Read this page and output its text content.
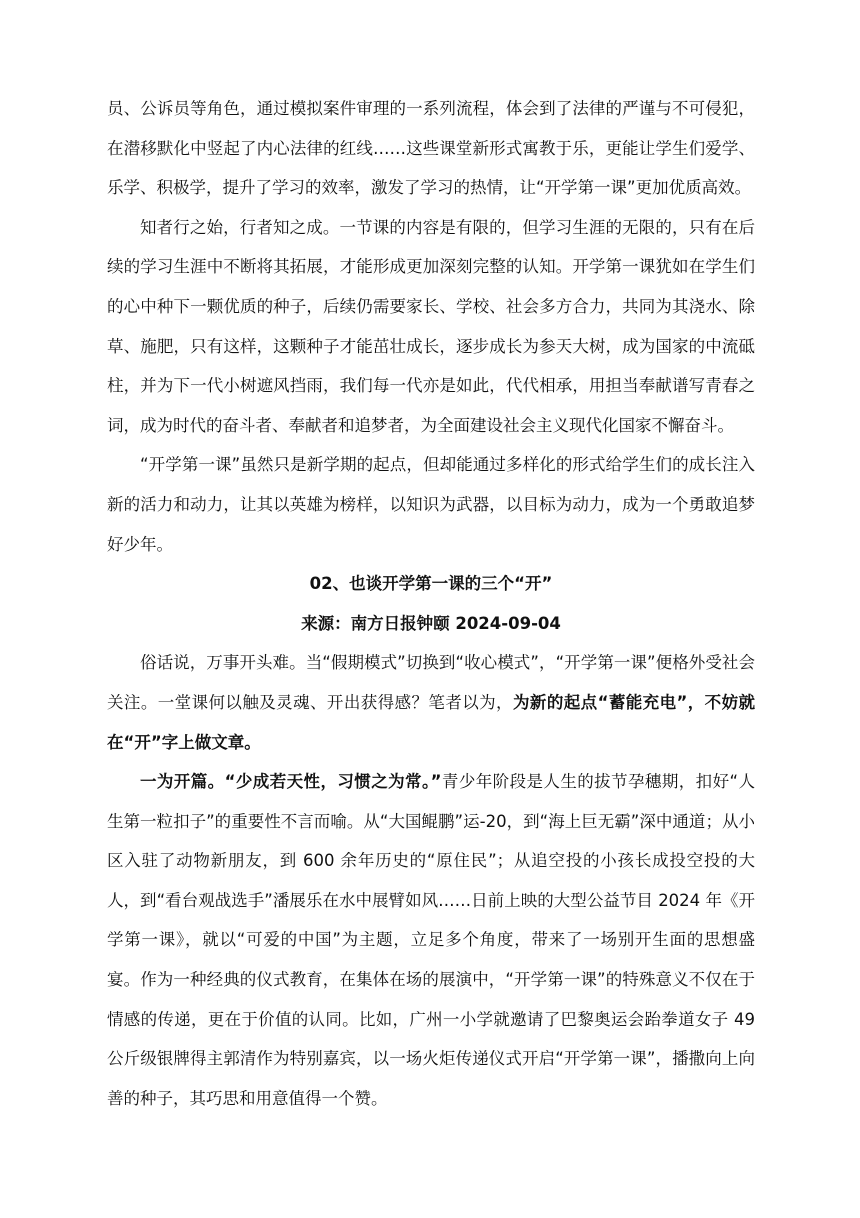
员、公诉员等角色，通过模拟案件审理的一系列流程，体会到了法律的严谨与不可侵犯，在潜移默化中竖起了内心法律的红线……这些课堂新形式寓教于乐，更能让学生们爱学、乐学、积极学，提升了学习的效率，激发了学习的热情，让“开学第一课”更加优质高效。

知者行之始，行者知之成。一节课的内容是有限的，但学习生涯的无限的，只有在后续的学习生涯中不断将其拓展，才能形成更加深刻完整的认知。开学第一课犹如在学生们的心中种下一颗优质的种子，后续仍需要家长、学校、社会多方合力，共同为其浇水、除草、施肥，只有这样，这颗种子才能茁壮成长，逐步成长为参天大树，成为国家的中流砥柱，并为下一代小树遮风挡雨，我们每一代亦是如此，代代相承，用担当奉献谱写青春之词，成为时代的奋斗者、奉献者和追梦者，为全面建设社会主义现代化国家不懈奋斗。

“开学第一课”虽然只是新学期的起点，但却能通过多样化的形式给学生们的成长注入新的活力和动力，让其以英雄为榜样，以知识为武器，以目标为动力，成为一个勇敢追梦好少年。

02、也谈开学第一课的三个“开”
来源：南方日报钟颐 2024-09-04

俗话说，万事开头难。当“假期模式”切换到“收心模式”，“开学第一课”便格外受社会关注。一堂课何以触及灵魂、开出获得感？笔者以为，为新的起点“蓄能充电”，不妨就在“开”字上做文章。

一为开篇。“少成若天性，习惯之为常。”青少年阶段是人生的拔节孕穗期，扣好“人生第一粒扣子”的重要性不言而喻。从“大国鲲鹏”运-20，到“海上巨无霸”深中通道；从小区入驻了动物新朋友，到 600 余年历史的“原住民”；从追空投的小孩长成投空投的大人，到“看台观战选手”潘展乐在水中展臂如风……日前上映的大型公益节目 2024 年《开学第一课》，就以“可爱的中国”为主题，立足多个角度，带来了一场别开生面的思想盛宴。作为一种经典的仪式教育，在集体在场的展演中，“开学第一课”的特殊意义不仅在于情感的传递，更在于价值的认同。比如，广州一小学就邀请了巴黎奥运会跆拳道女子 49 公斤级银牌得主郭清作为特别嘉宾，以一场火炬传递仪式开启“开学第一课”，播撒向上向善的种子，其巧思和用意值得一个赞。
